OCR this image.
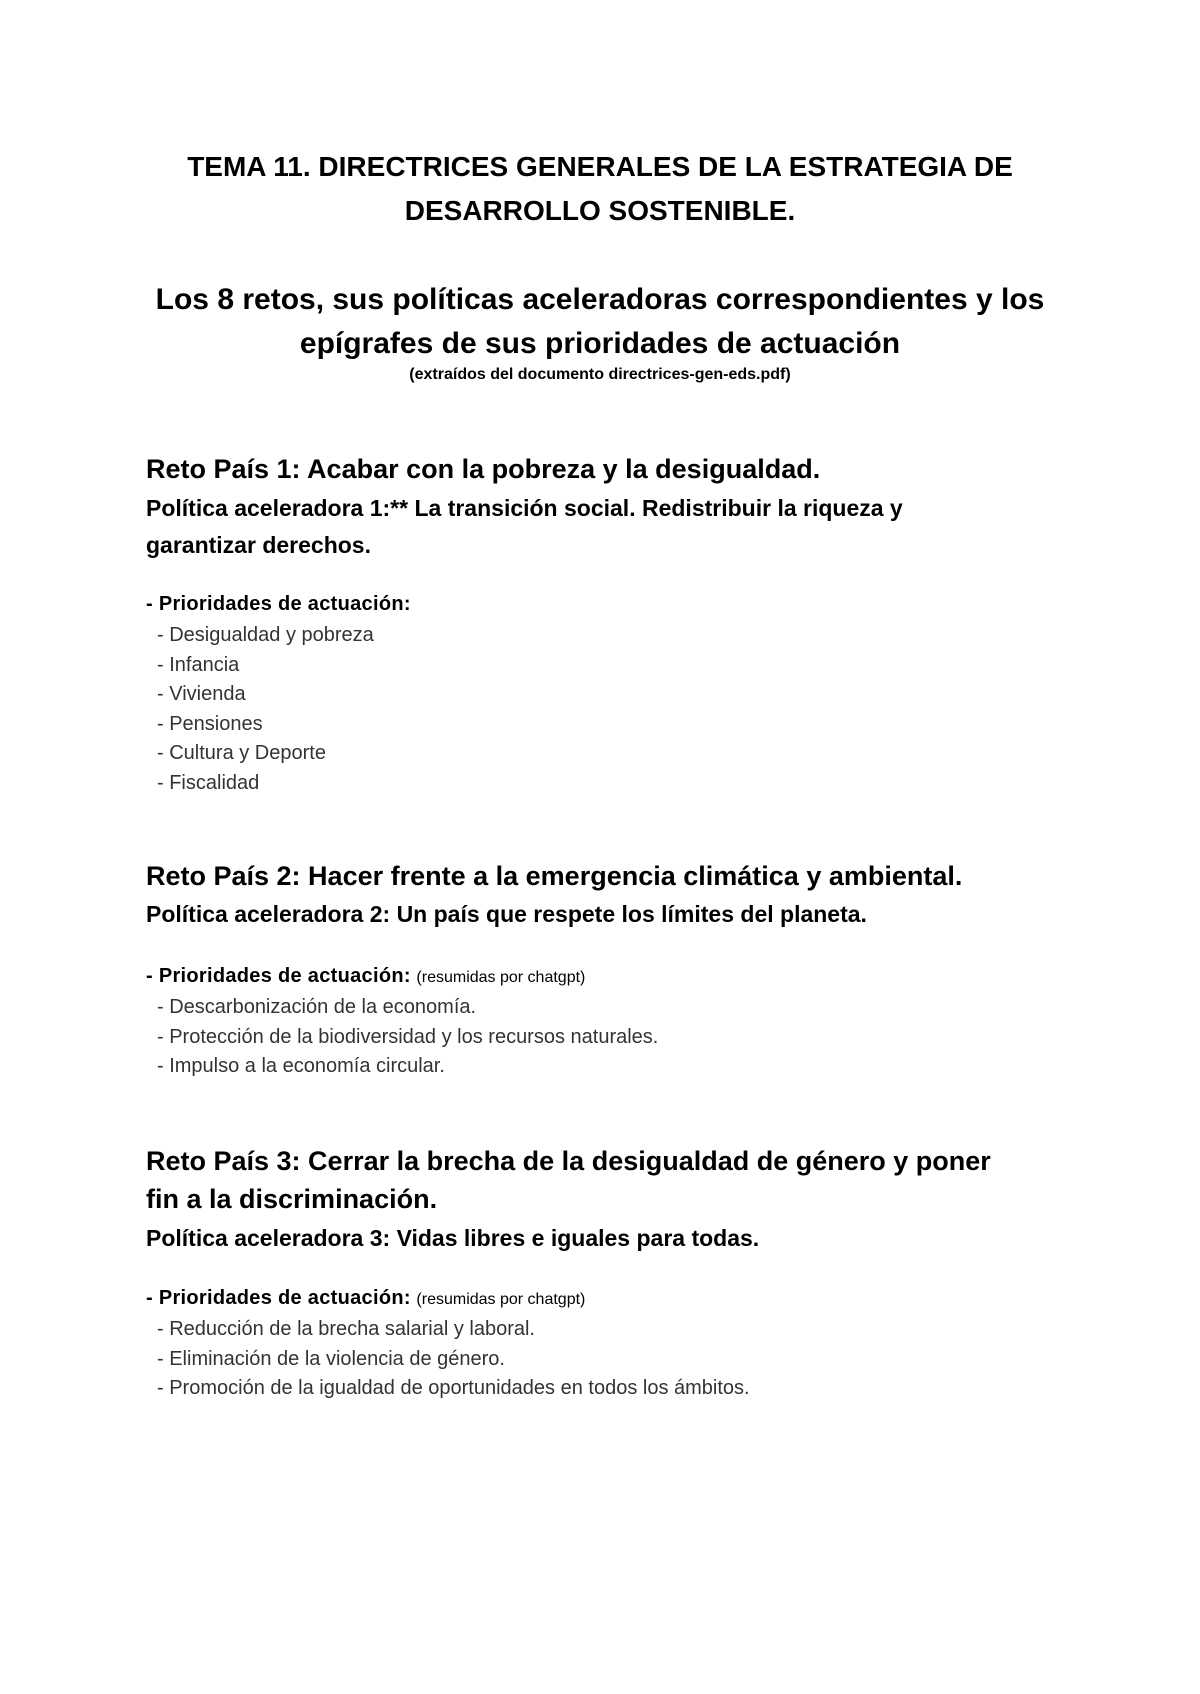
TEMA 11. DIRECTRICES GENERALES DE LA ESTRATEGIA DE
DESARROLLO SOSTENIBLE.
Los 8 retos, sus políticas aceleradoras correspondientes y los
epígrafes de sus prioridades de actuación
(extraídos del documento directrices-gen-eds.pdf)
Reto País 1: Acabar con la pobreza y la desigualdad.
Política aceleradora 1:** La transición social. Redistribuir la riqueza y
garantizar derechos.
- Prioridades de actuación:
- Desigualdad y pobreza
- Infancia
- Vivienda
- Pensiones
- Cultura y Deporte
- Fiscalidad
Reto País 2: Hacer frente a la emergencia climática y ambiental.
Política aceleradora 2: Un país que respete los límites del planeta.
- Prioridades de actuación: (resumidas por chatgpt)
- Descarbonización de la economía.
- Protección de la biodiversidad y los recursos naturales.
- Impulso a la economía circular.
Reto País 3: Cerrar la brecha de la desigualdad de género y poner
fin a la discriminación.
Política aceleradora 3: Vidas libres e iguales para todas.
- Prioridades de actuación: (resumidas por chatgpt)
- Reducción de la brecha salarial y laboral.
- Eliminación de la violencia de género.
- Promoción de la igualdad de oportunidades en todos los ámbitos.
